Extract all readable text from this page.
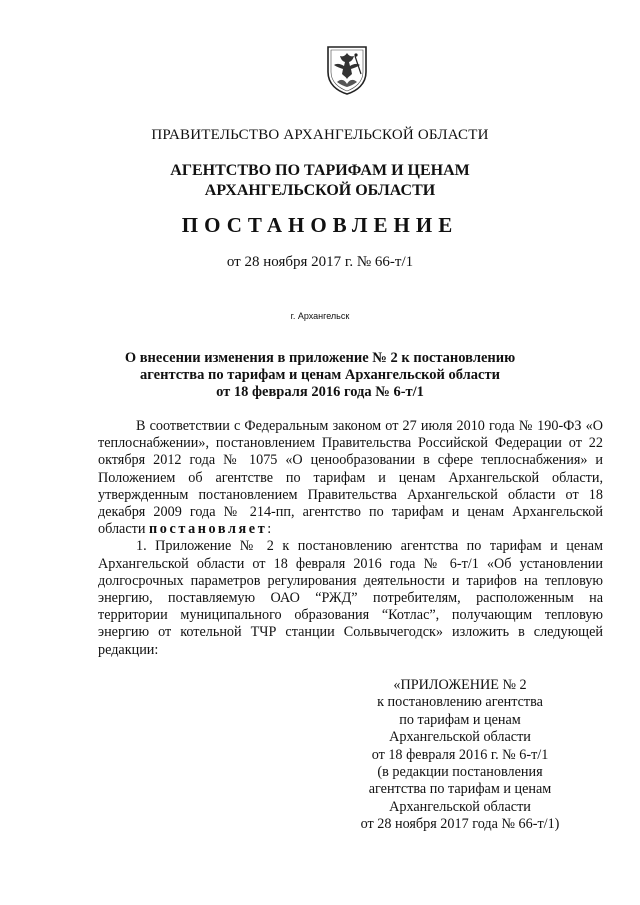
ПРАВИТЕЛЬСТВО АРХАНГЕЛЬСКОЙ ОБЛАСТИ
АГЕНТСТВО ПО ТАРИФАМ И ЦЕНАМ
АРХАНГЕЛЬСКОЙ ОБЛАСТИ
ПОСТАНОВЛЕНИЕ
от 28 ноября 2017 г. № 66-т/1
г. Архангельск
О внесении изменения в приложение № 2 к постановлению
агентства по тарифам и ценам Архангельской области
от 18 февраля 2016 года № 6-т/1

В соответствии с Федеральным законом от 27 июля 2010 года № 190-ФЗ «О теплоснабжении», постановлением Правительства Российской Федерации от 22 октября 2012 года № 1075 «О ценообразовании в сфере теплоснабжения» и Положением об агентстве по тарифам и ценам Архангельской области, утвержденным постановлением Правительства Архангельской области от 18 декабря 2009 года № 214-пп, агентство по тарифам и ценам Архангельской области постановляет:

1. Приложение № 2 к постановлению агентства по тарифам и ценам Архангельской области от 18 февраля 2016 года № 6-т/1 «Об установлении долгосрочных параметров регулирования деятельности и тарифов на тепловую энергию, поставляемую ОАО “РЖД” потребителям, расположенным на территории муниципального образования “Котлас”, получающим тепловую энергию от котельной ТЧР станции Сольвычегодск» изложить в следующей редакции:

«ПРИЛОЖЕНИЕ № 2
к постановлению агентства
по тарифам и ценам
Архангельской области
от 18 февраля 2016 г. № 6-т/1
(в редакции постановления
агентства по тарифам и ценам
Архангельской области
от 28 ноября 2017 года № 66-т/1)
